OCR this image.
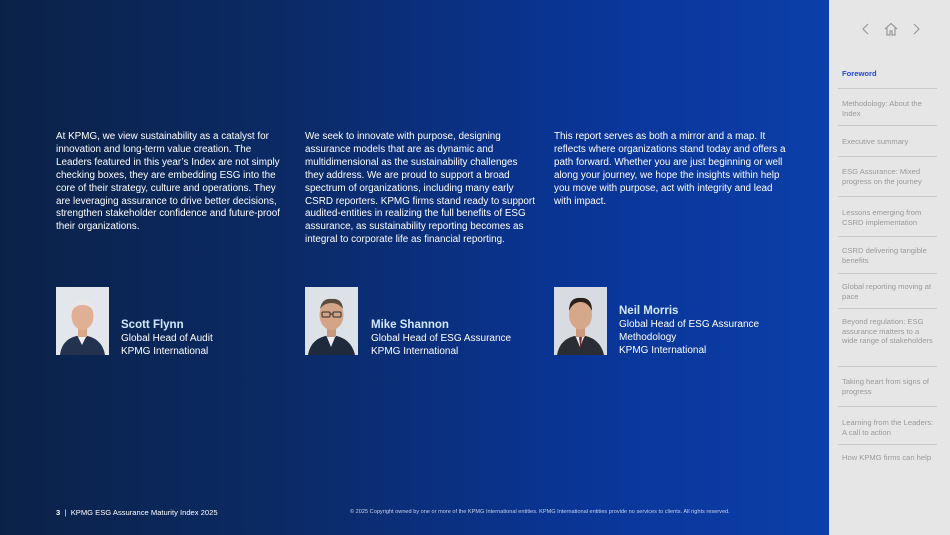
At KPMG, we view sustainability as a catalyst for innovation and long-term value creation. The Leaders featured in this year’s Index are not simply checking boxes, they are embedding ESG into the core of their strategy, culture and operations. They are leveraging assurance to drive better decisions, strengthen stakeholder confidence and future-proof their organizations.

We seek to innovate with purpose, designing assurance models that are as dynamic and multidimensional as the sustainability challenges they address. We are proud to support a broad spectrum of organizations, including many early CSRD reporters. KPMG firms stand ready to support audited-entities in realizing the full benefits of ESG assurance, as sustainability reporting becomes as integral to corporate life as financial reporting.

This report serves as both a mirror and a map. It reflects where organizations stand today and offers a path forward. Whether you are just beginning or well along your journey, we hope the insights within help you move with purpose, act with integrity and lead with impact.

Scott Flynn
Global Head of Audit
KPMG International
Mike Shannon
Global Head of ESG Assurance
KPMG International
Neil Morris
Global Head of ESG Assurance Methodology
KPMG International
3  |  KPMG ESG Assurance Maturity Index 2025	© 2025 Copyright owned by one or more of the KPMG International entities. KPMG International entities provide no services to clients. All rights reserved.
Foreword
Methodology: About the Index
Executive summary
ESG Assurance: Mixed progress on the journey
Lessons emerging from CSRD implementation
CSRD delivering tangible benefits
Global reporting moving at pace
Beyond regulation: ESG assurance matters to a wide range of stakeholders
Taking heart from signs of progress
Learning from the Leaders: A call to action
How KPMG firms can help
